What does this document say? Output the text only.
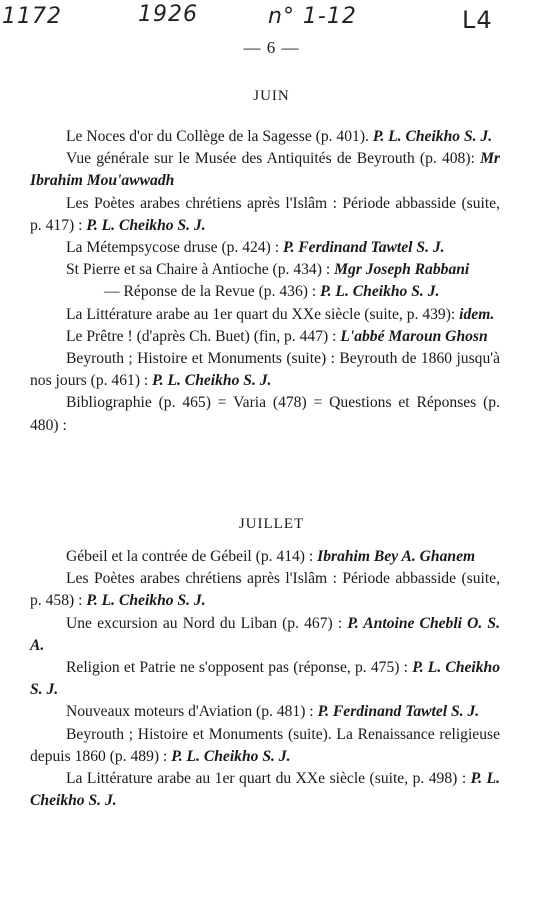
1172	1926	n° 1-12	L4
— 6 —
JUIN

Le Noces d'or du Collège de la Sagesse (p. 401). P. L. Cheikho S. J.

Vue générale sur le Musée des Antiquités de Beyrouth (p. 408): Mr Ibrahim Mou'awwadh

Les Poètes arabes chrétiens après l'Islâm : Période abbasside (suite, p. 417) : P. L. Cheikho S. J.

La Métempsycose druse (p. 424) : P. Ferdinand Tawtel S. J.

St Pierre et sa Chaire à Antioche (p. 434) : Mgr Joseph Rabbani

— Réponse de la Revue (p. 436) : P. L. Cheikho S. J.

La Littérature arabe au 1er quart du XXe siècle (suite, p. 439): idem.

Le Prêtre ! (d'après Ch. Buet) (fin, p. 447) : L'abbé Maroun Ghosn

Beyrouth ; Histoire et Monuments (suite) : Beyrouth de 1860 jusqu'à nos jours (p. 461) : P. L. Cheikho S. J.

Bibliographie (p. 465) = Varia (478) = Questions et Réponses (p. 480) :

JUILLET

Gébeil et la contrée de Gébeil (p. 414) : Ibrahim Bey A. Ghanem

Les Poètes arabes chrétiens après l'Islâm : Période abbasside (suite, p. 458) : P. L. Cheikho S. J.

Une excursion au Nord du Liban (p. 467) : P. Antoine Chebli O. S. A.

Religion et Patrie ne s'opposent pas (réponse, p. 475) : P. L. Cheikho S. J.

Nouveaux moteurs d'Aviation (p. 481) : P. Ferdinand Tawtel S. J.

Beyrouth ; Histoire et Monuments (suite). La Renaissance religieuse depuis 1860 (p. 489) : P. L. Cheikho S. J.

La Littérature arabe au 1er quart du XXe siècle (suite, p. 498) : P. L. Cheikho S. J.
